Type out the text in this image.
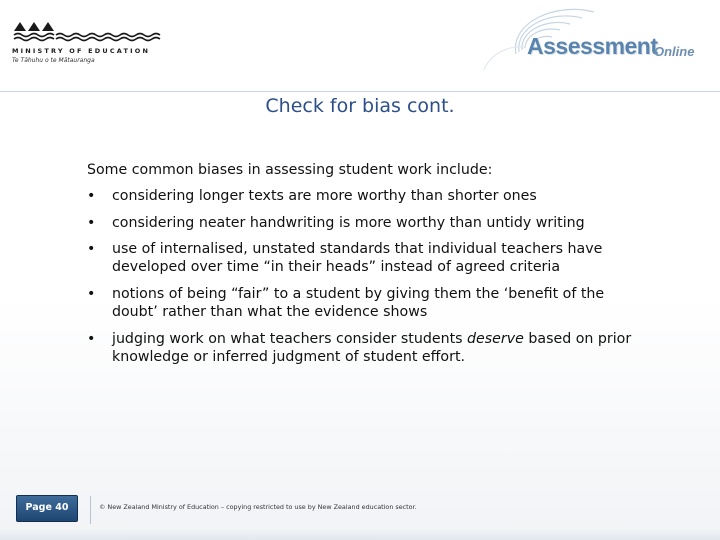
MINISTRY OF EDUCATION
Te Tāhuhu o te Mātauranga
Assessment
Online
Check for bias cont.
Some common biases in assessing student work include:
• considering longer texts are more worthy than shorter ones
• considering neater handwriting is more worthy than untidy writing
• use of internalised, unstated standards that individual teachers have developed over time “in their heads” instead of agreed criteria
• notions of being “fair” to a student by giving them the ‘benefit of the doubt’ rather than what the evidence shows
• judging work on what teachers consider students deserve based on prior knowledge or inferred judgment of student effort.
Page 40	© New Zealand Ministry of Education – copying restricted to use by New Zealand education sector.
